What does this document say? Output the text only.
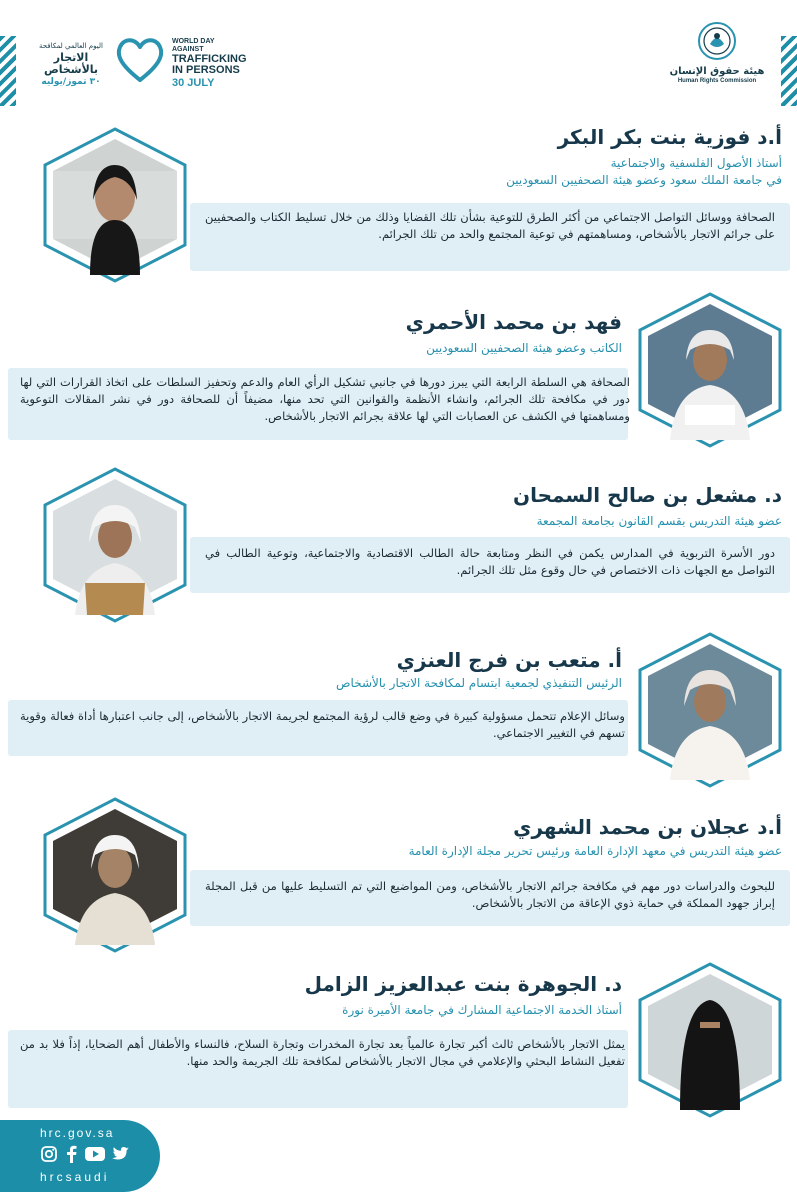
اليوم العالمي لمكافحة
الاتجار بالأشخاص
٣٠ تموز/يوليه
WORLD DAY AGAINST
TRAFFICKING
IN PERSONS
30 JULY
هيئة حقوق الإنسان
Human Rights Commission
أ.د فوزية بنت بكر البكر
أستاذ الأصول الفلسفية والاجتماعية
في جامعة الملك سعود وعضو هيئة الصحفيين السعوديين
الصحافة ووسائل التواصل الاجتماعي من أكثر الطرق للتوعية بشأن تلك القضايا وذلك من خلال تسليط الكتاب والصحفيين على جرائم الاتجار بالأشخاص، ومساهمتهم في توعية المجتمع والحد من تلك الجرائم.
فهد بن محمد الأحمري
الكاتب وعضو هيئة الصحفيين السعوديين
الصحافة هي السلطة الرابعة التي يبرز دورها في جانبي تشكيل الرأي العام والدعم وتحفيز السلطات على اتخاذ القرارات التي لها دور في مكافحة تلك الجرائم، وانشاء الأنظمة والقوانين التي تحد منها، مضيفاً أن للصحافة دور في نشر المقالات التوعوية ومساهمتها في الكشف عن العصابات التي لها علاقة بجرائم الاتجار بالأشخاص.
د. مشعل بن صالح السمحان
عضو هيئة التدريس بقسم القانون بجامعة المجمعة
دور الأسرة التربوية في المدارس يكمن في النظر ومتابعة حالة الطالب الاقتصادية والاجتماعية، وتوعية الطالب في التواصل مع الجهات ذات الاختصاص في حال وقوع مثل تلك الجرائم.
أ. متعب بن فرج العنزي
الرئيس التنفيذي لجمعية ابتسام لمكافحة الاتجار بالأشخاص
وسائل الإعلام تتحمل مسؤولية كبيرة في وضع قالب لرؤية المجتمع لجريمة الاتجار بالأشخاص، إلى جانب اعتبارها أداة فعالة وقوية تسهم في التغيير الاجتماعي.
أ.د عجلان بن محمد الشهري
عضو هيئة التدريس في معهد الإدارة العامة ورئيس تحرير مجلة الإدارة العامة
للبحوث والدراسات دور مهم في مكافحة جرائم الاتجار بالأشخاص، ومن المواضيع التي تم التسليط عليها من قبل المجلة إبراز جهود المملكة في حماية ذوي الإعاقة من الاتجار بالأشخاص.
د. الجوهرة بنت عبدالعزيز الزامل
أستاذ الخدمة الاجتماعية المشارك في جامعة الأميرة نورة
يمثل الاتجار بالأشخاص ثالث أكبر تجارة عالمياً بعد تجارة المخدرات وتجارة السلاح، فالنساء والأطفال أهم الضحايا، إذاً فلا بد من تفعيل النشاط البحثي والإعلامي في مجال الاتجار بالأشخاص لمكافحة تلك الجريمة والحد منها.
hrc.gov.sa
hrcsaudi
